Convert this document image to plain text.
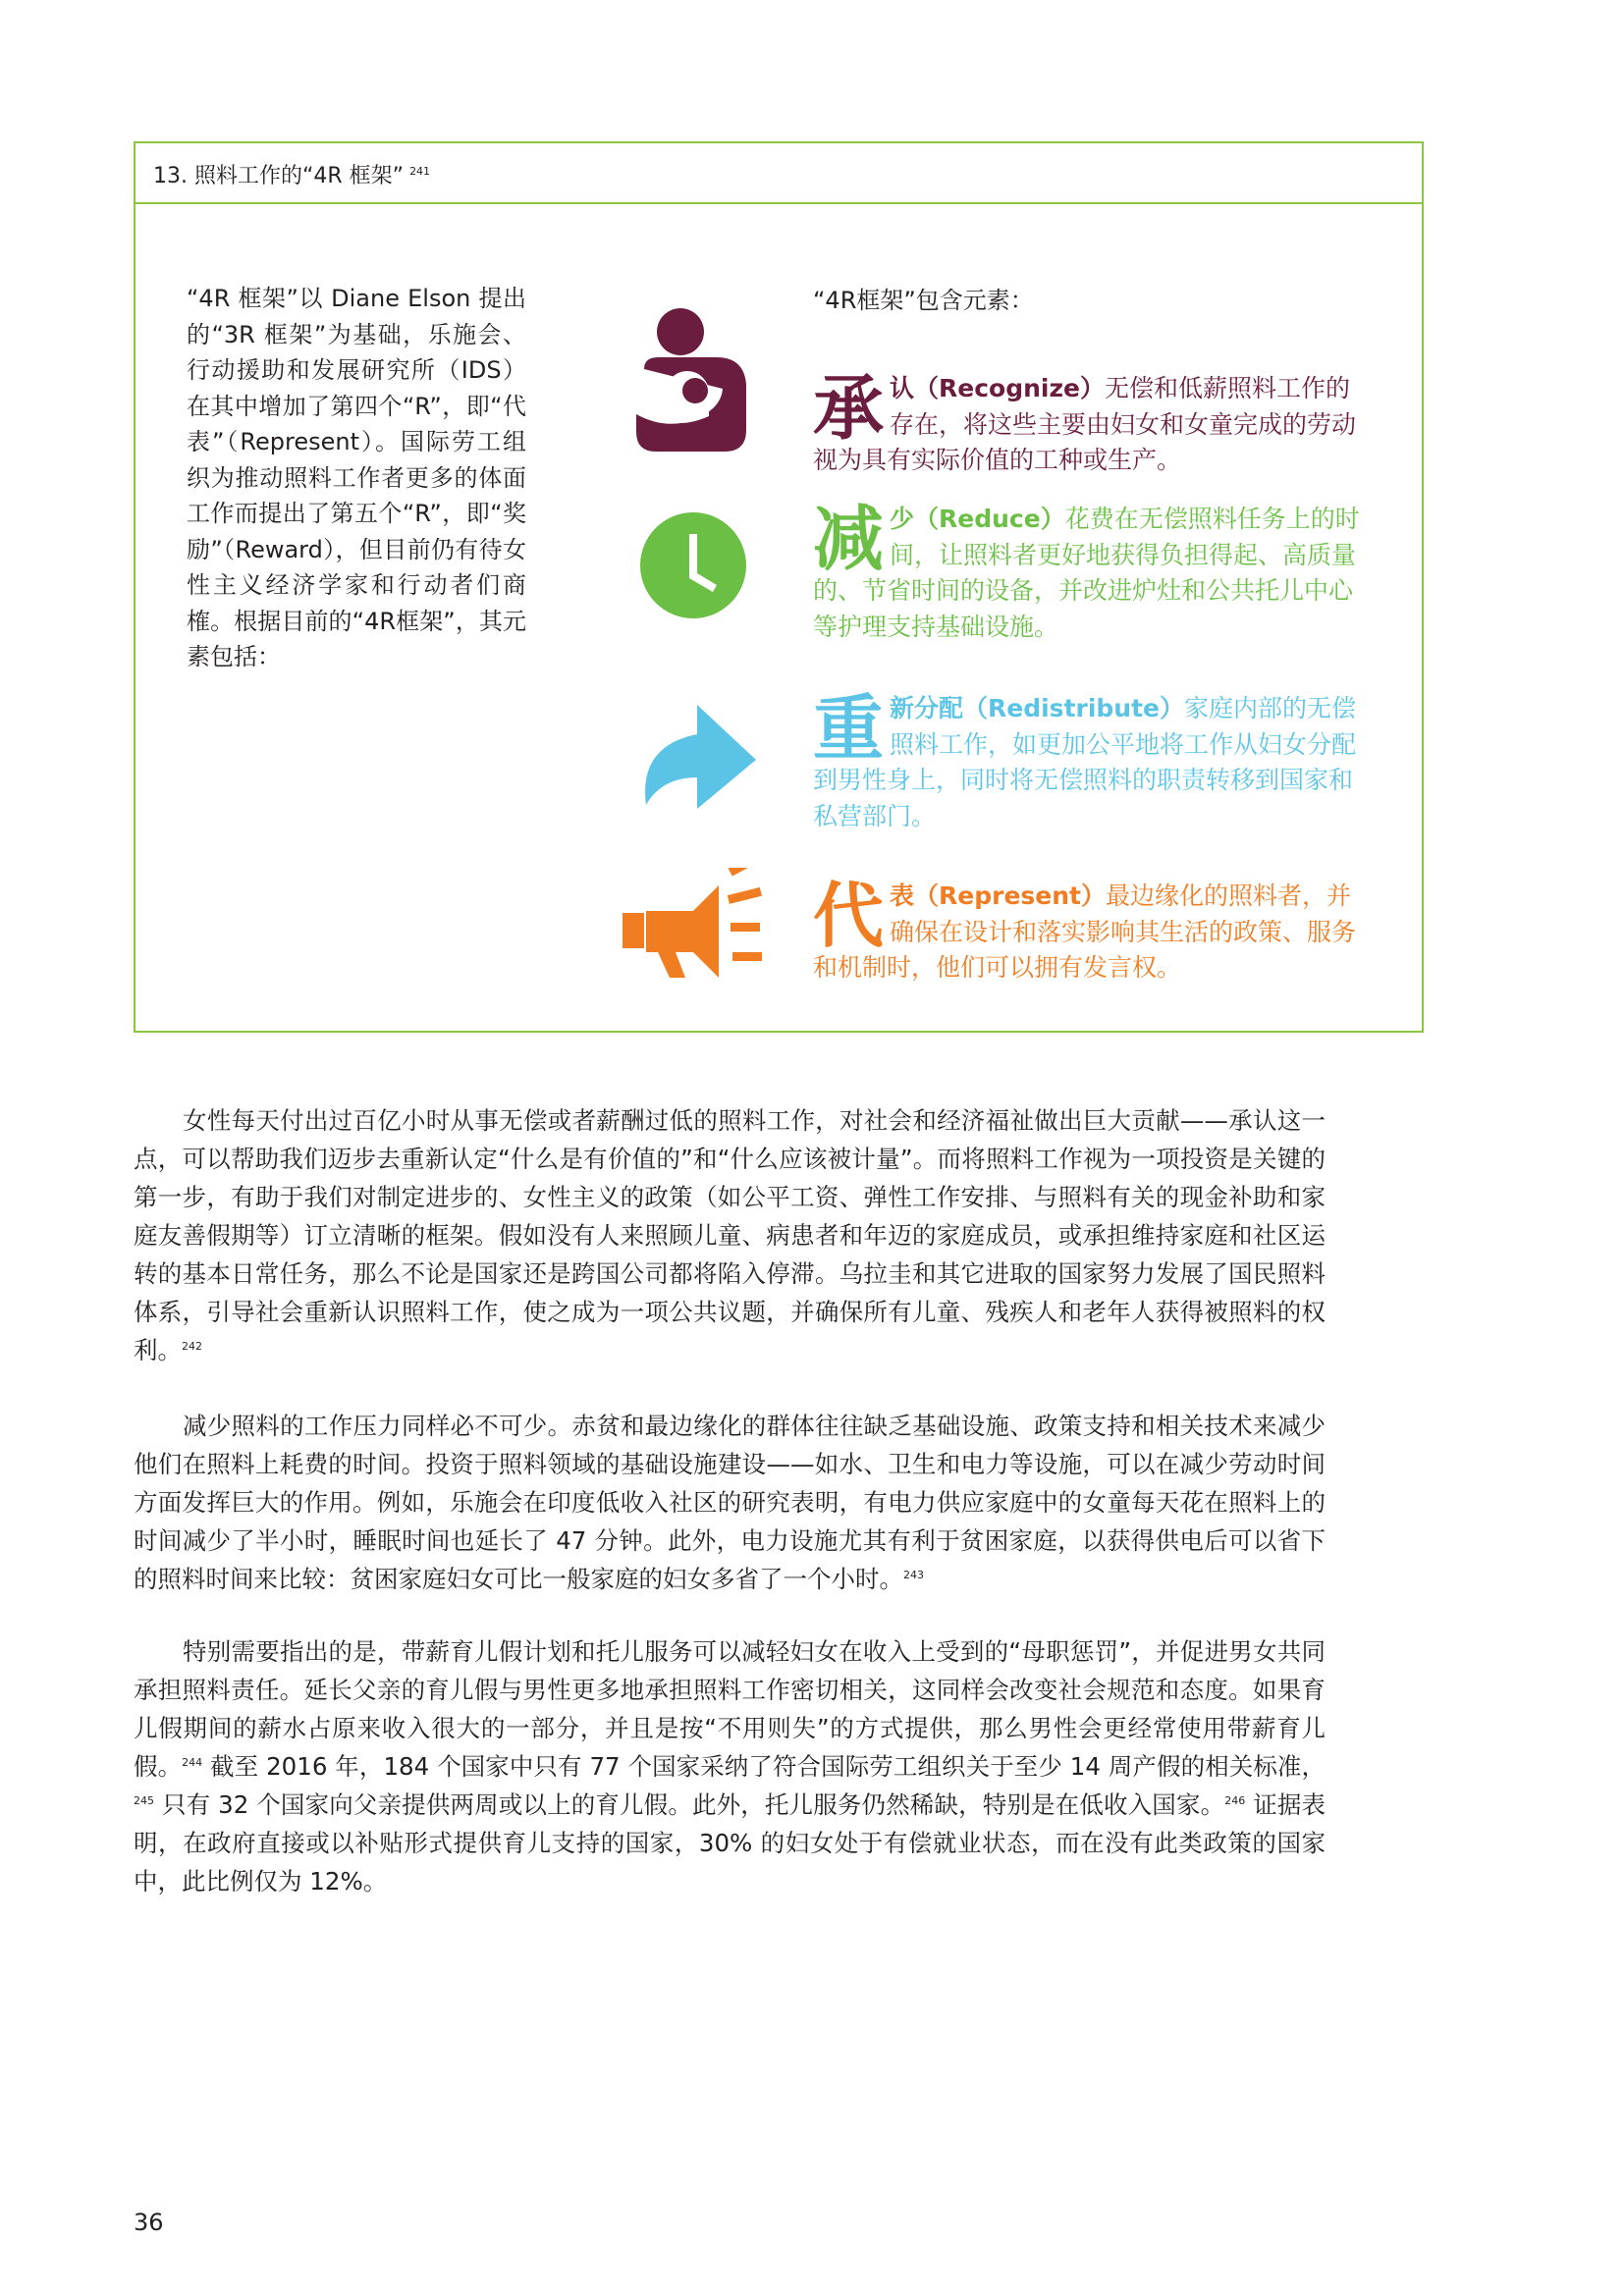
13. 照料工作的“4R 框架” $^{241}$
“4R 框架”以 Diane Elson 提出的“3R 框架”为基础，乐施会、行动援助和发展研究所（IDS）在其中增加了第四个“R”，即“代表”（Represent）。国际劳工组织为推动照料工作者更多的体面工作而提出了第五个“R”，即“奖励”（Reward），但目前仍有待女性主义经济学家和行动者们商榷。根据目前的“4R框架”，其元素包括：
“4R框架”包含元素：
承认（Recognize）无偿和低薪照料工作的存在，将这些主要由妇女和女童完成的劳动视为具有实际价值的工种或生产。
减少（Reduce）花费在无偿照料任务上的时间，让照料者更好地获得负担得起、高质量的、节省时间的设备，并改进炉灶和公共托儿中心等护理支持基础设施。
重新分配（Redistribute）家庭内部的无偿照料工作，如更加公平地将工作从妇女分配到男性身上，同时将无偿照料的职责转移到国家和私营部门。
代表（Represent）最边缘化的照料者，并确保在设计和落实影响其生活的政策、服务和机制时，他们可以拥有发言权。
女性每天付出过百亿小时从事无偿或者薪酬过低的照料工作，对社会和经济福祉做出巨大贡献——承认这一点，可以帮助我们迈步去重新认定“什么是有价值的”和“什么应该被计量”。而将照料工作视为一项投资是关键的第一步，有助于我们对制定进步的、女性主义的政策（如公平工资、弹性工作安排、与照料有关的现金补助和家庭友善假期等）订立清晰的框架。假如没有人来照顾儿童、病患者和年迈的家庭成员，或承担维持家庭和社区运转的基本日常任务，那么不论是国家还是跨国公司都将陷入停滞。乌拉圭和其它进取的国家努力发展了国民照料体系，引导社会重新认识照料工作，使之成为一项公共议题，并确保所有儿童、残疾人和老年人获得被照料的权利。$^{242}$
减少照料的工作压力同样必不可少。赤贫和最边缘化的群体往往缺乏基础设施、政策支持和相关技术来减少他们在照料上耗费的时间。投资于照料领域的基础设施建设——如水、卫生和电力等设施，可以在减少劳动时间方面发挥巨大的作用。例如，乐施会在印度低收入社区的研究表明，有电力供应家庭中的女童每天花在照料上的时间减少了半小时，睡眠时间也延长了 47 分钟。此外，电力设施尤其有利于贫困家庭，以获得供电后可以省下的照料时间来比较：贫困家庭妇女可比一般家庭的妇女多省了一个小时。$^{243}$
特别需要指出的是，带薪育儿假计划和托儿服务可以减轻妇女在收入上受到的“母职惩罚”，并促进男女共同承担照料责任。延长父亲的育儿假与男性更多地承担照料工作密切相关，这同样会改变社会规范和态度。如果育儿假期间的薪水占原来收入很大的一部分，并且是按“不用则失”的方式提供，那么男性会更经常使用带薪育儿假。$^{244}$ 截至 2016 年，184 个国家中只有 77 个国家采纳了符合国际劳工组织关于至少 14 周产假的相关标准，$^{245}$ 只有 32 个国家向父亲提供两周或以上的育儿假。此外，托儿服务仍然稀缺，特别是在低收入国家。$^{246}$ 证据表明，在政府直接或以补贴形式提供育儿支持的国家，30% 的妇女处于有偿就业状态，而在没有此类政策的国家中，此比例仅为 12%。
36
